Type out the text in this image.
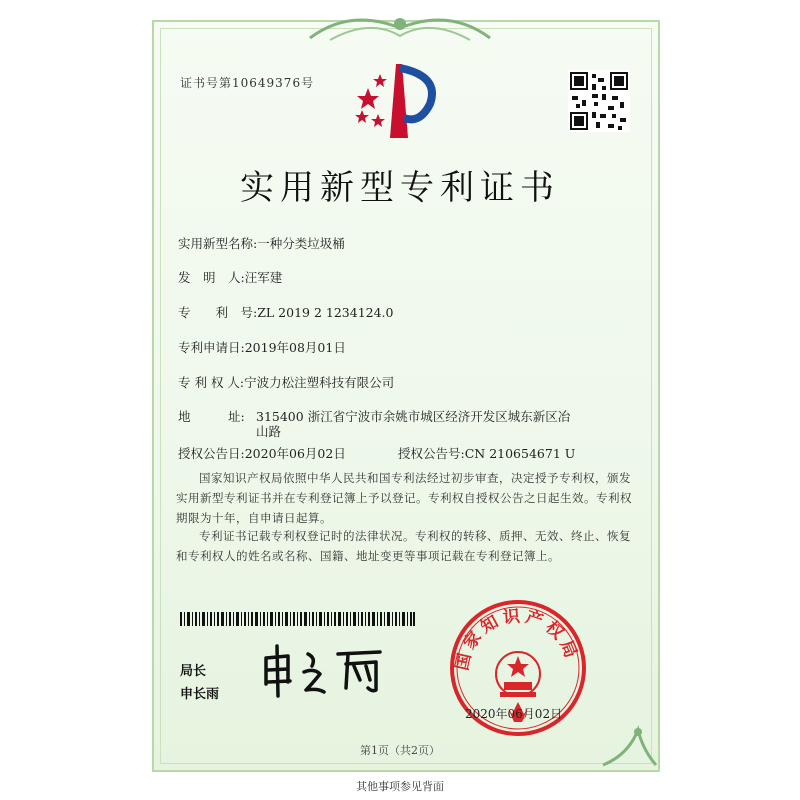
证书号第10649376号
实用新型专利证书
实用新型名称:一种分类垃圾桶
发　明　人:汪军建
专　　利　号:ZL 2019 2 1234124.0
专利申请日:2019年08月01日
专 利 权 人:宁波力松注塑科技有限公司
地　　　址: 315400 浙江省宁波市余姚市城区经济开发区城东新区冶
山路
授权公告日:2020年06月02日	授权公告号:CN 210654671 U
国家知识产权局依照中华人民共和国专利法经过初步审查，决定授予专利权，颁发实用新型专利证书并在专利登记簿上予以登记。专利权自授权公告之日起生效。专利权期限为十年，自申请日起算。
专利证书记载专利权登记时的法律状况。专利权的转移、质押、无效、终止、恢复和专利权人的姓名或名称、国籍、地址变更等事项记载在专利登记簿上。
局长
申长雨
国家知识产权局
2020年06月02日
第1页（共2页）
其他事项参见背面
